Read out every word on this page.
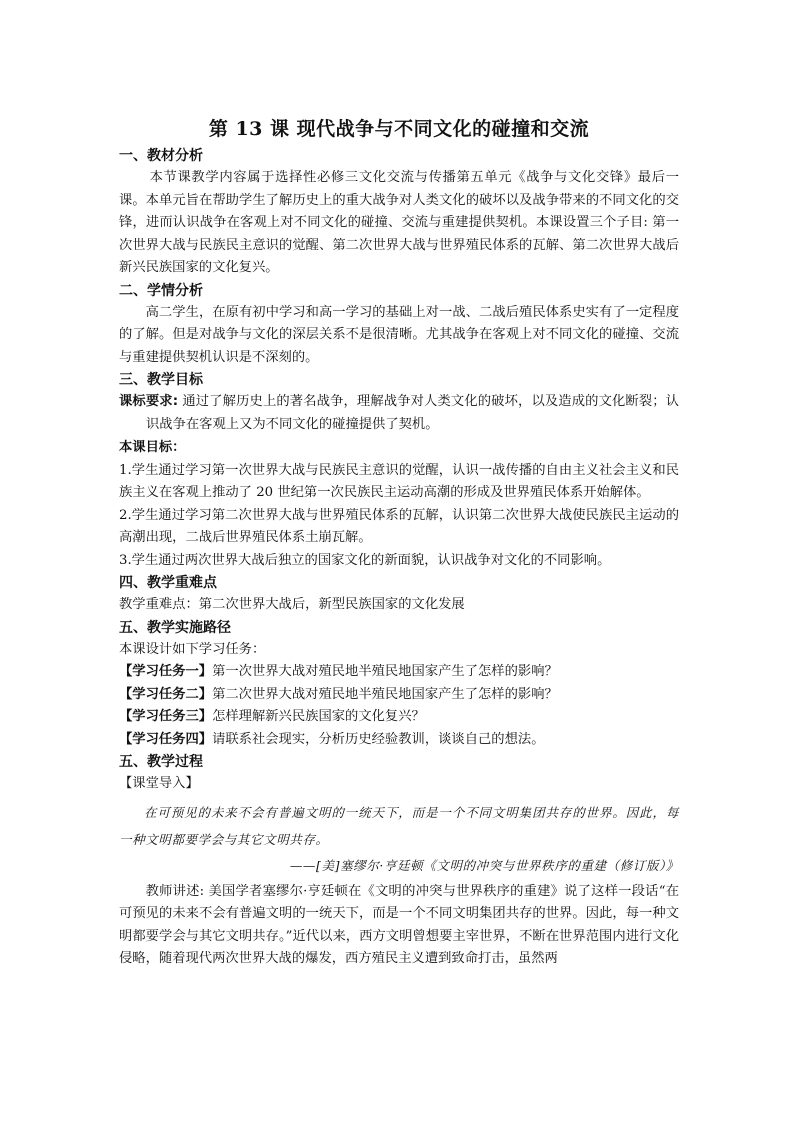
第 13 课 现代战争与不同文化的碰撞和交流
一、教材分析

本节课教学内容属于选择性必修三文化交流与传播第五单元《战争与文化交锋》最后一课。本单元旨在帮助学生了解历史上的重大战争对人类文化的破坏以及战争带来的不同文化的交锋，进而认识战争在客观上对不同文化的碰撞、交流与重建提供契机。本课设置三个子目: 第一次世界大战与民族民主意识的觉醒、第二次世界大战与世界殖民体系的瓦解、第二次世界大战后新兴民族国家的文化复兴。

二、学情分析

高二学生，在原有初中学习和高一学习的基础上对一战、二战后殖民体系史实有了一定程度的了解。但是对战争与文化的深层关系不是很清晰。尤其战争在客观上对不同文化的碰撞、交流与重建提供契机认识是不深刻的。

三、教学目标

课标要求: 通过了解历史上的著名战争，理解战争对人类文化的破坏，以及造成的文化断裂；认识战争在客观上又为不同文化的碰撞提供了契机。

本课目标：

1.学生通过学习第一次世界大战与民族民主意识的觉醒，认识一战传播的自由主义社会主义和民族主义在客观上推动了 20 世纪第一次民族民主运动高潮的形成及世界殖民体系开始解体。

2.学生通过学习第二次世界大战与世界殖民体系的瓦解，认识第二次世界大战使民族民主运动的高潮出现，二战后世界殖民体系土崩瓦解。

3.学生通过两次世界大战后独立的国家文化的新面貌，认识战争对文化的不同影响。

四、教学重难点

教学重难点：第二次世界大战后，新型民族国家的文化发展

五、教学实施路径

本课设计如下学习任务：

【学习任务一】第一次世界大战对殖民地半殖民地国家产生了怎样的影响？

【学习任务二】第二次世界大战对殖民地半殖民地国家产生了怎样的影响？

【学习任务三】怎样理解新兴民族国家的文化复兴？

【学习任务四】请联系社会现实，分析历史经验教训，谈谈自己的想法。

五、教学过程

【课堂导入】

在可预见的未来不会有普遍文明的一统天下，而是一个不同文明集团共存的世界。因此，每一种文明都要学会与其它文明共存。

——[美]塞缪尔·亨廷顿《文明的冲突与世界秩序的重建（修订版）》

教师讲述: 美国学者塞缪尔·亨廷顿在《文明的冲突与世界秩序的重建》说了这样一段话“在可预见的未来不会有普遍文明的一统天下，而是一个不同文明集团共存的世界。因此，每一种文明都要学会与其它文明共存。”近代以来，西方文明曾想要主宰世界，不断在世界范围内进行文化侵略，随着现代两次世界大战的爆发，西方殖民主义遭到致命打击，虽然两
